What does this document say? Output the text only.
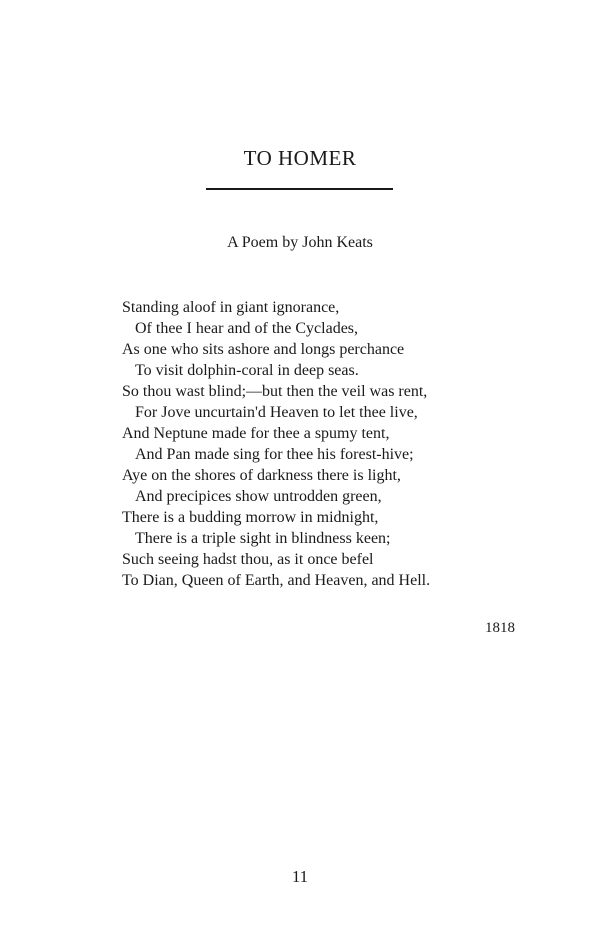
TO HOMER
A Poem by John Keats
Standing aloof in giant ignorance,
Of thee I hear and of the Cyclades,
As one who sits ashore and longs perchance
To visit dolphin-coral in deep seas.
So thou wast blind;—but then the veil was rent,
For Jove uncurtain'd Heaven to let thee live,
And Neptune made for thee a spumy tent,
And Pan made sing for thee his forest-hive;
Aye on the shores of darkness there is light,
And precipices show untrodden green,
There is a budding morrow in midnight,
There is a triple sight in blindness keen;
Such seeing hadst thou, as it once befel
To Dian, Queen of Earth, and Heaven, and Hell.
1818
11
